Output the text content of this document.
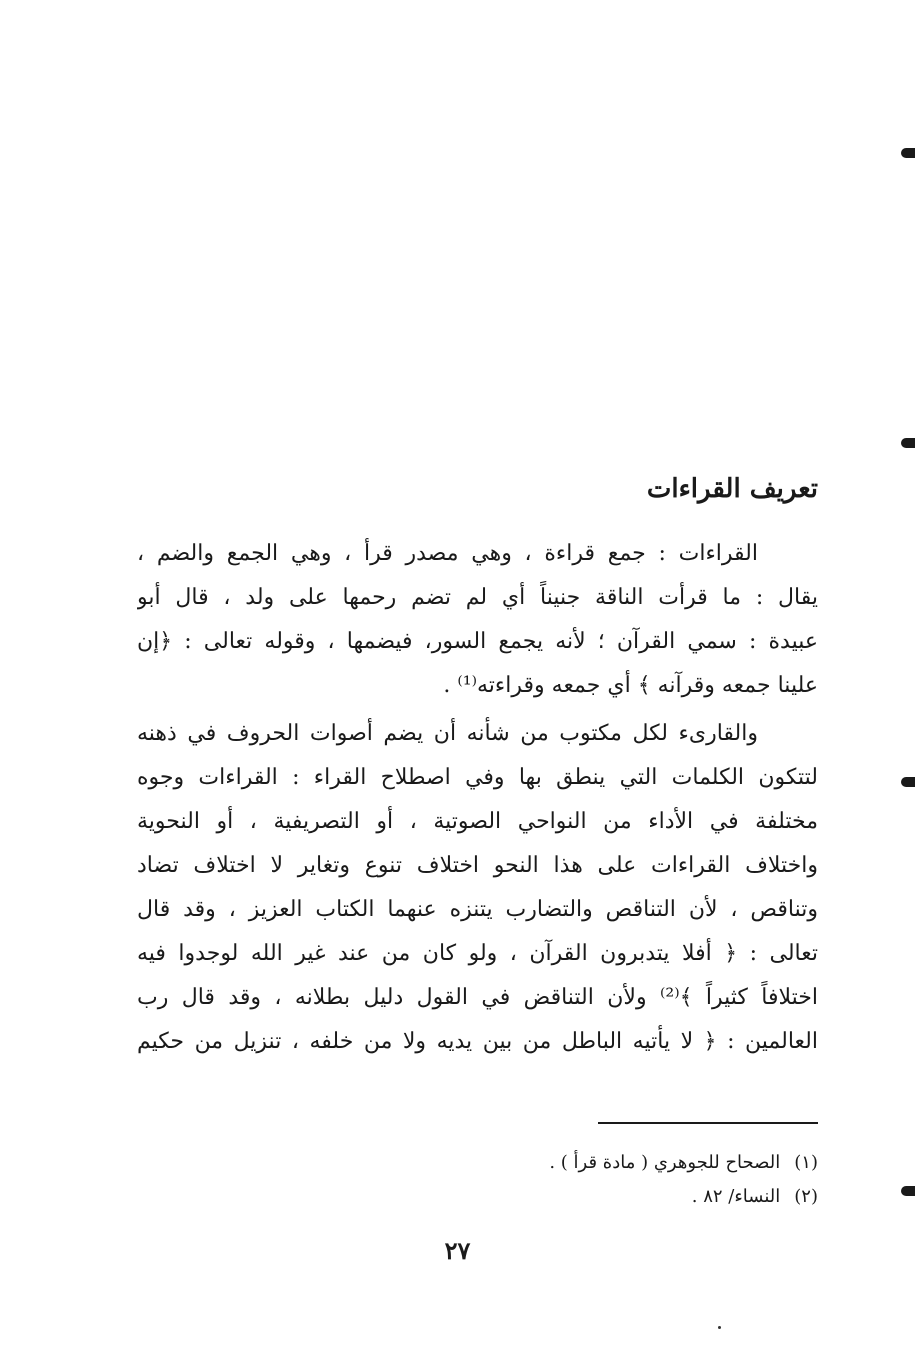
تعريف القراءات
القراءات : جمع قراءة ، وهي مصدر قرأ ، وهي الجمع والضم ،
يقال : ما قرأت الناقة جنيناً أي لم تضم رحمها على ولد ، قال أبو
عبيدة : سمي القرآن ؛ لأنه يجمع السور، فيضمها ، وقوله تعالى : ﴿إن
علينا جمعه وقرآنه ﴾ أي جمعه وقراءته⁽¹⁾ .
والقارىء لكل مكتوب من شأنه أن يضم أصوات الحروف في ذهنه
لتتكون الكلمات التي ينطق بها وفي اصطلاح القراء : القراءات وجوه
مختلفة في الأداء من النواحي الصوتية ، أو التصريفية ، أو النحوية
واختلاف القراءات على هذا النحو اختلاف تنوع وتغاير لا اختلاف تضاد
وتناقص ، لأن التناقص والتضارب يتنزه عنهما الكتاب العزيز ، وقد قال
تعالى : ﴿ أفلا يتدبرون القرآن ، ولو كان من عند غير الله لوجدوا فيه
اختلافاً كثيراً ﴾⁽²⁾ ولأن التناقض في القول دليل بطلانه ، وقد قال رب
العالمين : ﴿ لا يأتيه الباطل من بين يديه ولا من خلفه ، تنزيل من حكيم
(١)الصحاح للجوهري ( مادة قرأ ) .
(٢)النساء/ ٨٢ .
٢٧
